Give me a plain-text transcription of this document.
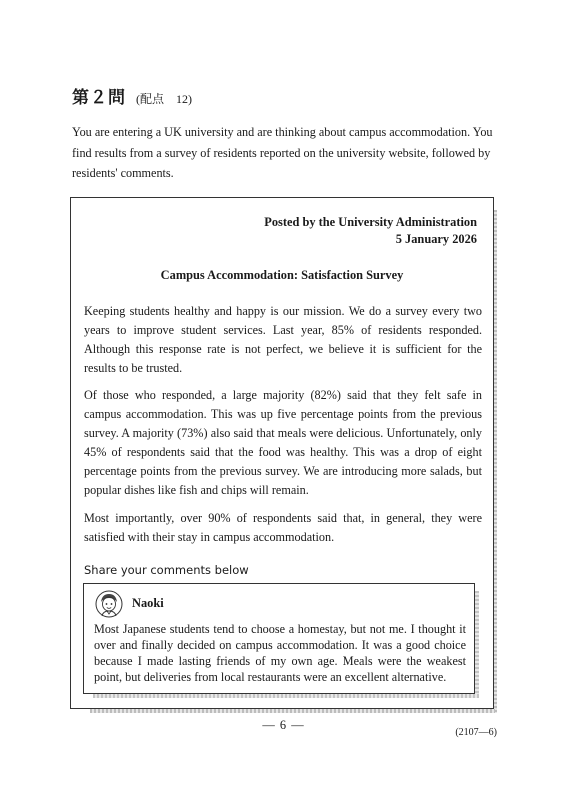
第２問 (配点　12)

You are entering a UK university and are thinking about campus accommodation. You find results from a survey of residents reported on the university website, followed by residents' comments.

Posted by the University Administration
5 January 2026
Campus Accommodation: Satisfaction Survey

Keeping students healthy and happy is our mission. We do a survey every two years to improve student services. Last year, 85% of residents responded. Although this response rate is not perfect, we believe it is sufficient for the results to be trusted.

Of those who responded, a large majority (82%) said that they felt safe in campus accommodation. This was up five percentage points from the previous survey. A majority (73%) also said that meals were delicious. Unfortunately, only 45% of respondents said that the food was healthy. This was a drop of eight percentage points from the previous survey. We are introducing more salads, but popular dishes like fish and chips will remain.

Most importantly, over 90% of respondents said that, in general, they were satisfied with their stay in campus accommodation.

Share your comments below
Naoki

Most Japanese students tend to choose a homestay, but not me. I thought it over and finally decided on campus accommodation. It was a good choice because I made lasting friends of my own age. Meals were the weakest point, but deliveries from local restaurants were an excellent alternative.

— 6 —
(2107—6)
